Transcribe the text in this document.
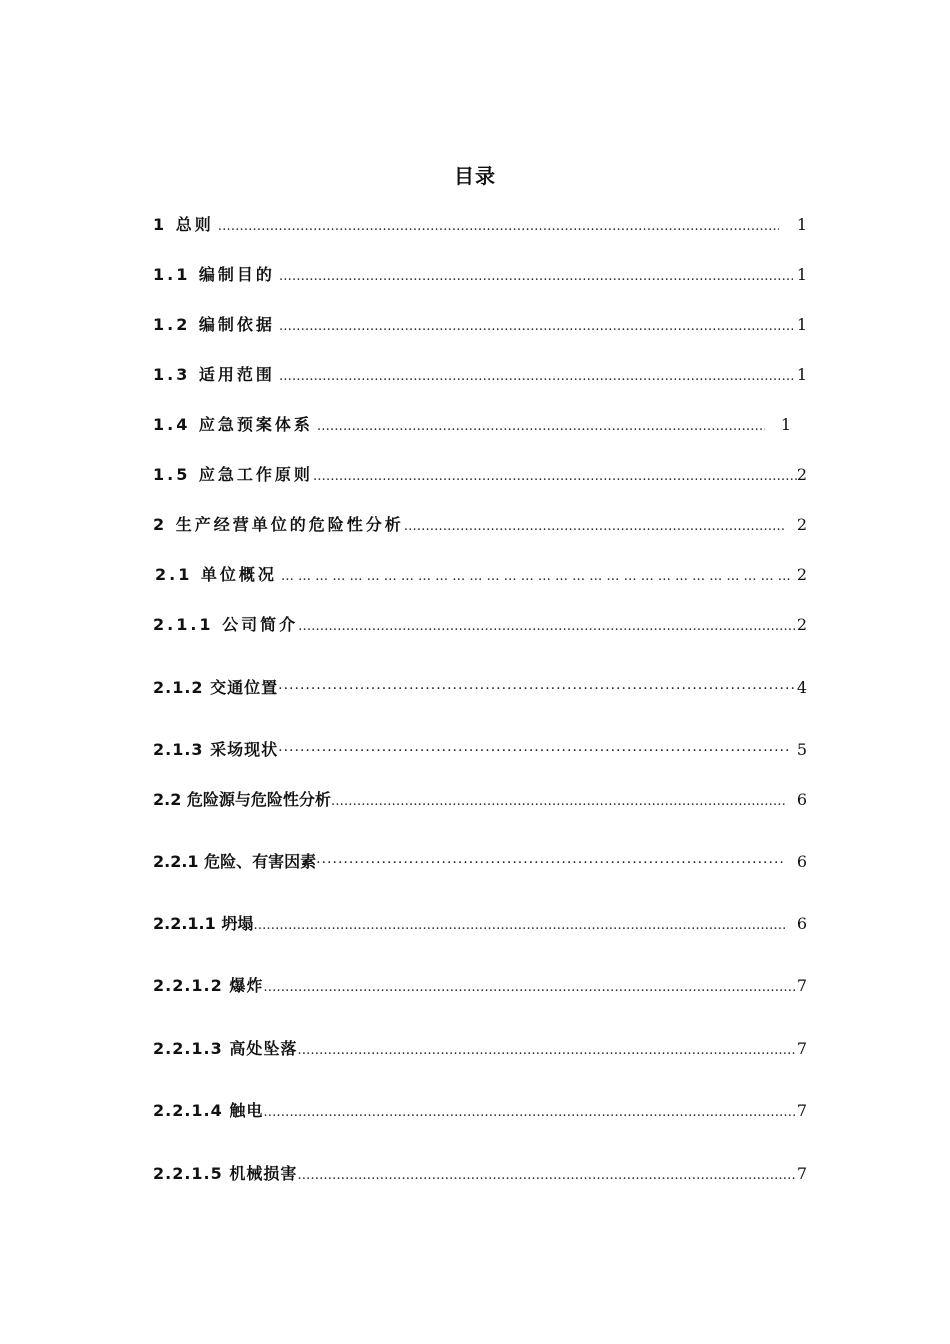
目录
1 总则 ……………………………………………………………………………………………………………………………………………………………………………………………………	1
1.1 编制目的 ……………………………………………………………………………………………………………………………………………………………………………………………………	1
1.2 编制依据 ……………………………………………………………………………………………………………………………………………………………………………………………………	1
1.3 适用范围 ……………………………………………………………………………………………………………………………………………………………………………………………………	1
1.4 应急预案体系 ……………………………………………………………………………………………………………………………………………………………………………………………………	1
1.5 应急工作原则 ……………………………………………………………………………………………………………………………………………………………………………………………………	2
2 生产经营单位的危险性分析 ……………………………………………………………………………………………………………………………………………………………………………………………………	2
2.1 单位概况 … … … … … … … … … … … … … … … … … … … … … … … … … … … … … … … … … … … … … … … … … … … … … … … … …	2
2.1.1 公司简介 ……………………………………………………………………………………………………………………………………………………………………………………………………	2
2.1.2 交通位置 ·····	4
2.1.3 采场现状 ·····	5
2.2 危险源与危险性分析 ……………………………………………………………………………………………………………………………………………………………………………………………………	6
2.2.1 危险、有害因素 ·····	6
2.2.1.1 坍塌 ……………………………………………………………………………………………………………………………………………………………………………………………………	6
2.2.1.2 爆炸 ……………………………………………………………………………………………………………………………………………………………………………………………………	7
2.2.1.3 高处坠落 ……………………………………………………………………………………………………………………………………………………………………………………………………	7
2.2.1.4 触电 ……………………………………………………………………………………………………………………………………………………………………………………………………	7
2.2.1.5 机械损害 ……………………………………………………………………………………………………………………………………………………………………………………………………	7
